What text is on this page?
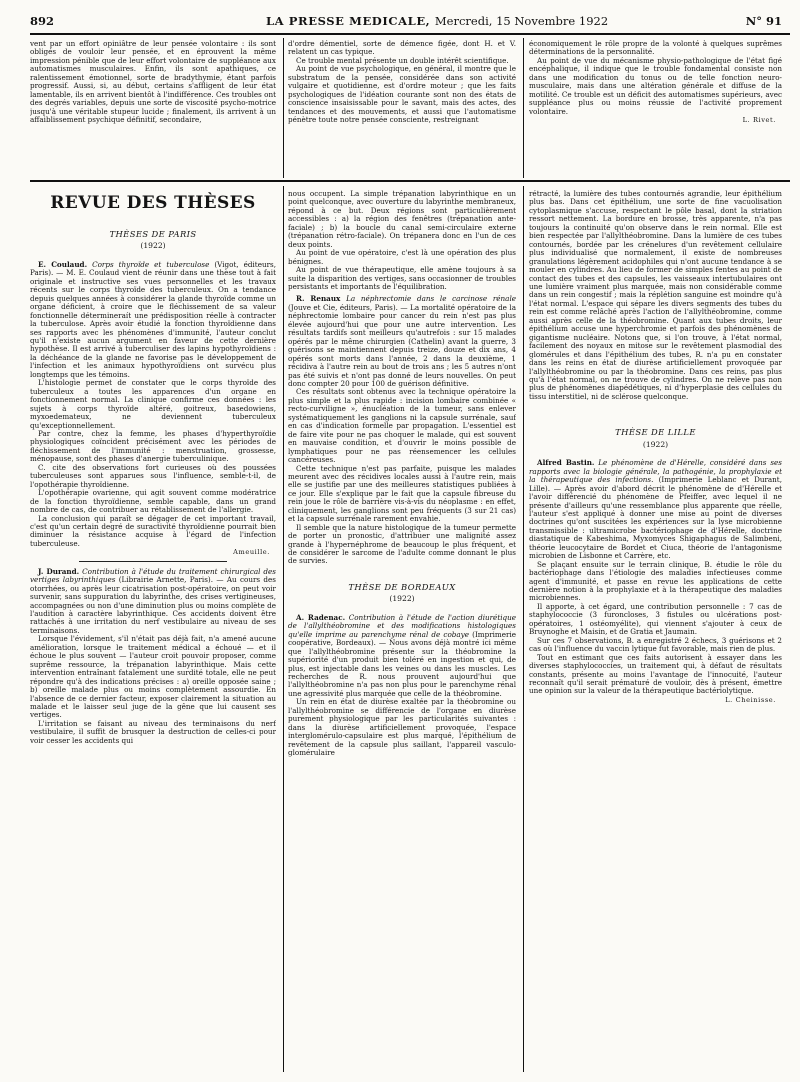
892	LA PRESSE MEDICALE, Mercredi, 15 Novembre 1922	N° 91

vent par un effort opiniâtre de leur pensée volontaire : ils sont obligés de vouloir leur pensée, et en éprouvent la même impression pénible que de leur effort volontaire de suppléance aux automatismes musculaires. Enfin, ils sont apathiques, ce ralentissement émotionnel, sorte de bradythymie, étant parfois progressif. Aussi, si, au début, certains s'affligent de leur état lamentable, ils en arrivent bientôt à l'indifférence. Ces troubles ont des degrés variables, depuis une sorte de viscosité psycho-motrice jusqu'à une véritable stupeur lucide ; finalement, ils arrivent à un affaiblissement psychique définitif, secondaire,

d'ordre démentiel, sorte de démence figée, dont H. et V. relatent un cas typique.

Ce trouble mental présente un double intérêt scientifique.

Au point de vue psychologique, en général, il montre que le substratum de la pensée, considérée dans son activité vulgaire et quotidienne, est d'ordre moteur ; que les faits psychologiques de l'idéation courante sont non des états de conscience insaisissable pour le savant, mais des actes, des tendances et des mouvements, et aussi que l'automatisme pénètre toute notre pensée consciente, restreignant

économiquement le rôle propre de la volonté à quelques suprêmes déterminations de la personnalité.

Au point de vue du mécanisme physio-pathologique de l'état figé encéphalique, il indique que le trouble fondamental consiste non dans une modification du tonus ou de telle fonction neuro-musculaire, mais dans une altération générale et diffuse de la motilité. Ce trouble est un déficit des automatismes supérieurs, avec suppléance plus ou moins réussie de l'activité proprement volontaire.

L. Rivet.

REVUE DES THÈSES
THÈSES DE PARIS
(1922)

E. Coulaud. Corps thyroïde et tuberculose (Vigot, éditeurs, Paris). — M. E. Coulaud vient de réunir dans une thèse tout à fait originale et instructive ses vues personnelles et les travaux récents sur le corps thyroïde des tuberculeux. On a tendance depuis quelques années à considérer la glande thyroïde comme un organe déficient, à croire que le fléchissement de sa valeur fonctionnelle détermineraít une prédisposition réelle à contracter la tuberculose. Après avoir étudié la fonction thyroïdienne dans ses rapports avec les phénomènes d'immunité, l'auteur conclut qu'il n'existe aucun argument en faveur de cette dernière hypothèse. Il est arrivé à tuberculiser des lapins hypothyroïdiens : la déchéance de la glande ne favorise pas le développement de l'infection et les animaux hypothyroïdiens ont survécu plus longtemps que les témoins.

L'histologie permet de constater que le corps thyroïde des tuberculeux a toutes les apparences d'un organe en fonctionnement normal. La clinique confirme ces données : les sujets à corps thyroïde altéré, goitreux, basedowiens, myxoedemateux, ne deviennent tuberculeux qu'exceptionnellement.

Par contre, chez la femme, les phases d'hyperthyroïdie physiologiques coïncident précisément avec les périodes de fléchissement de l'immunité : menstruation, grossesse, ménopause, sont des phases d'anergie tuberculinique.

C. cite des observations fort curieuses où des poussées tuberculeuses sont apparues sous l'influence, semble-t-il, de l'opothérapie thyroïdienne.

L'opothérapie ovarienne, qui agit souvent comme modératrice de la fonction thyroïdienne, semble capable, dans un grand nombre de cas, de contribuer au rétablissement de l'allergie.

La conclusion qui paraît se dégager de cet important travail, c'est qu'un certain degré de suractivité thyroïdienne pourrait bien diminuer la résistance acquise à l'égard de l'infection tuberculeuse.

Ameuille.

J. Durand. Contribution à l'étude du traitement chirurgical des vertiges labyrinthiques (Librairie Arnette, Paris). — Au cours des otorrhées, ou après leur cicatrisation post-opératoire, on peut voir survenir, sans suppuration du labyrinthe, des crises vertigineuses, accompagnées ou non d'une diminution plus ou moins complète de l'audition à caractère labyrinthique. Ces accidents doivent être rattachés à une irritation du nerf vestibulaire au niveau de ses terminaisons.

Lorsque l'évidement, s'il n'était pas déjà fait, n'a amené aucune amélioration, lorsque le traitement médical a échoué — et il échoue le plus souvent — l'auteur croit pouvoir proposer, comme suprême ressource, la trépanation labyrinthique. Mais cette intervention entraînant fatalement une surdité totale, elle ne peut répondre qu'à des indications précises : a) oreille opposée saine ; b) oreille malade plus ou moins complètement assourdie. En l'absence de ce dernier facteur, exposer clairement la situation au malade et le laisser seul juge de la gêne que lui causent ses vertiges.

L'irritation se faisant au niveau des terminaisons du nerf vestibulaire, il suffit de brusquer la destruction de celles-ci pour voir cesser les accidents qui

nous occupent. La simple trépanation labyrinthique en un point quelconque, avec ouverture du labyrinthe membraneux, répond à ce but. Deux régions sont particulièrement accessibles : a) la région des fenêtres (trépanation ante-faciale) ; b) la boucle du canal semi-circulaire externe (trépanation rétro-faciale). On trépanera donc en l'un de ces deux points.

Au point de vue opératoire, c'est là une opération des plus bénignes.

Au point de vue thérapeutique, elle amène toujours à sa suite la disparition des vertiges, sans occasionner de troubles persistants et importants de l'équilibration.

R. Renaux La néphrectomie dans le carcinose rénale (Jouve et Cie, éditeurs, Paris). — La mortalité opératoire de la néphrectomie lombaire pour cancer du rein n'est pas plus élevée aujourd'hui que pour une autre intervention. Les résultats tardifs sont meilleurs qu'autrefois : sur 15 malades opérés par le même chirurgien (Cathelin) avant la guerre, 3 guérisons se maintiennent depuis treize, douze et dix ans, 4 opérés sont morts dans l'année, 2 dans la deuxième, 1 récidiva à l'autre rein au bout de trois ans ; les 5 autres n'ont pas été suivis et n'ont pas donné de leurs nouvelles. On peut donc compter 20 pour 100 de guérison définitive.

Ces résultats sont obtenus avec la technique opératoire la plus simple et la plus rapide : incision lombaire combinée « recto-curviligne », énucléation de la tumeur, sans enlever systématiquement les ganglions ni la capsule surrénale, sauf en cas d'indication formelle par propagation. L'essentiel est de faire vite pour ne pas choquer le malade, qui est souvent en mauvaise condition, et d'ouvrir le moins possible de lymphatiques pour ne pas réensemencer les cellules cancéreuses.

Cette technique n'est pas parfaite, puisque les malades meurent avec des récidives locales aussi à l'autre rein, mais elle se justifie par une des meilleures statistiques publiées à ce jour. Elle s'explique par le fait que la capsule fibreuse du rein joue le rôle de barrière vis-à-vis du néoplasme : en effet, cliniquement, les ganglions sont peu fréquents (3 sur 21 cas) et la capsule surrénale rarement envahie.

Il semble que la nature histologique de la tumeur permette de porter un pronostic, d'attribuer une malignité assez grande à l'hypernéphrome de beaucoup le plus fréquent, et de considérer le sarcome de l'adulte comme donnant le plus de survies.

THÈSE DE BORDEAUX
(1922)

A. Radenac. Contribution à l'étude de l'action diurétique de l'allylthéobromine et des modifications histologiques qu'elle imprime au parenchyme rénal de cobaye (Imprimerie coopérative, Bordeaux). — Nous avons déjà montré ici même que l'allylthéobromine présente sur la théobromine la supériorité d'un produit bien toléré en ingestion et qui, de plus, est injectable dans les veines ou dans les muscles. Les recherches de R. nous prouvent aujourd'hui que l'allylthéobromine n'a pas non plus pour le parenchyme rénal une agressivité plus marquée que celle de la théobromine.

Un rein en état de diurèse exaltée par la théobromine ou l'allylthéobromine se différencie de l'organe en diurèse purement physiologique par les particularités suivantes : dans la diurèse artificiellement provoquée, l'espace interglomérulo-capsulaire est plus marqué, l'épithélium de revêtement de la capsule plus saillant, l'appareil vasculo-glomérulaire

rétracté, la lumière des tubes contournés agrandie, leur épithélium plus bas. Dans cet épithélium, une sorte de fine vacuolisation cytoplasmique s'accuse, respectant le pôle basal, dont la striation ressort nettement. La bordure en brosse, très apparente, n'a pas toujours la continuité qu'on observe dans le rein normal. Elle est bien respectée par l'allylthéobromine. Dans la lumière de ces tubes contournés, bordée par les crénelures d'un revêtement cellulaire plus individualisé que normalement, il existe de nombreuses granulations légèrement acidophiles qui n'ont aucune tendance à se mouler en cylindres. Au lieu de former de simples fentes au point de contact des tubes et des capsules, les vaisseaux intertubulaires ont une lumière vraiment plus marquée, mais non considérable comme dans un rein congestif ; mais la réplétion sanguine est moindre qu'à l'état normal. L'espace qui sépare les divers segments des tubes du rein est comme relâché après l'action de l'allylthéobromine, comme aussi après celle de la théobromine. Quant aux tubes droits, leur épithélium accuse une hyperchromie et parfois des phénomènes de gigantisme nucléaire. Notons que, si l'on trouve, à l'état normal, facilement des noyaux en mitose sur le revêtement plasmodial des glomérules et dans l'épithélium des tubes, R. n'a pu en constater dans les reins en état de diurèse artificiellement provoquée par l'allylthéobromine ou par la théobromine. Dans ces reins, pas plus qu'à l'état normal, on ne trouve de cylindres. On ne relève pas non plus de phénomènes diapédétiques, ni d'hyperplasie des cellules du tissu interstitiel, ni de sclérose quelconque.

THÈSE DE LILLE
(1922)

Alfred Bastin. Le phénomène de d'Hérelle, considéré dans ses rapports avec la biologie générale, la pathogénie, la prophylaxie et la thérapeutique des infections. (Imprimerie Leblanc et Durant, Lille). — Après avoir d'abord décrit le phénomène de d'Hérelle et l'avoir différencié du phénomène de Pfeiffer, avec lequel il ne présente d'ailleurs qu'une ressemblance plus apparente que réelle, l'auteur s'est appliqué à donner une mise au point de diverses doctrines qu'ont suscitées les expériences sur la lyse microbienne transmissible : ultramicrobe bactériophage de d'Hérelle, doctrine diastatique de Kabeshima, Myxomyces Shigaphagus de Salimbeni, théorie leucocytaire de Bordet et Ciuca, théorie de l'antagonisme microbien de Lisbonne et Carrère, etc.

Se plaçant ensuite sur le terrain clinique, B. étudie le rôle du bactériophage dans l'étiologie des maladies infectieuses comme agent d'immunité, et passe en revue les applications de cette dernière notion à la prophylaxie et à la thérapeutique des maladies microbiennes.

Il apporte, à cet égard, une contribution personnelle : 7 cas de staphylococcie (3 furoncloses, 3 fistules ou ulcérations post-opératoires, 1 ostéomyélite), qui viennent s'ajouter à ceux de Bruynoghe et Maisin, et de Gratia et Jaumain.

Sur ces 7 observations, B. a enregistré 2 échecs, 3 guérisons et 2 cas où l'influence du vaccin lytique fut favorable, mais rien de plus.

Tout en estimant que ces faits autorisent à essayer dans les diverses staphylococcies, un traitement qui, à défaut de résultats constants, présente au moins l'avantage de l'innocuité, l'auteur reconnaît qu'il serait prématuré de vouloir, dès à présent, émettre une opinion sur la valeur de la thérapeutique bactériolytique.

L. Cheinisse.
